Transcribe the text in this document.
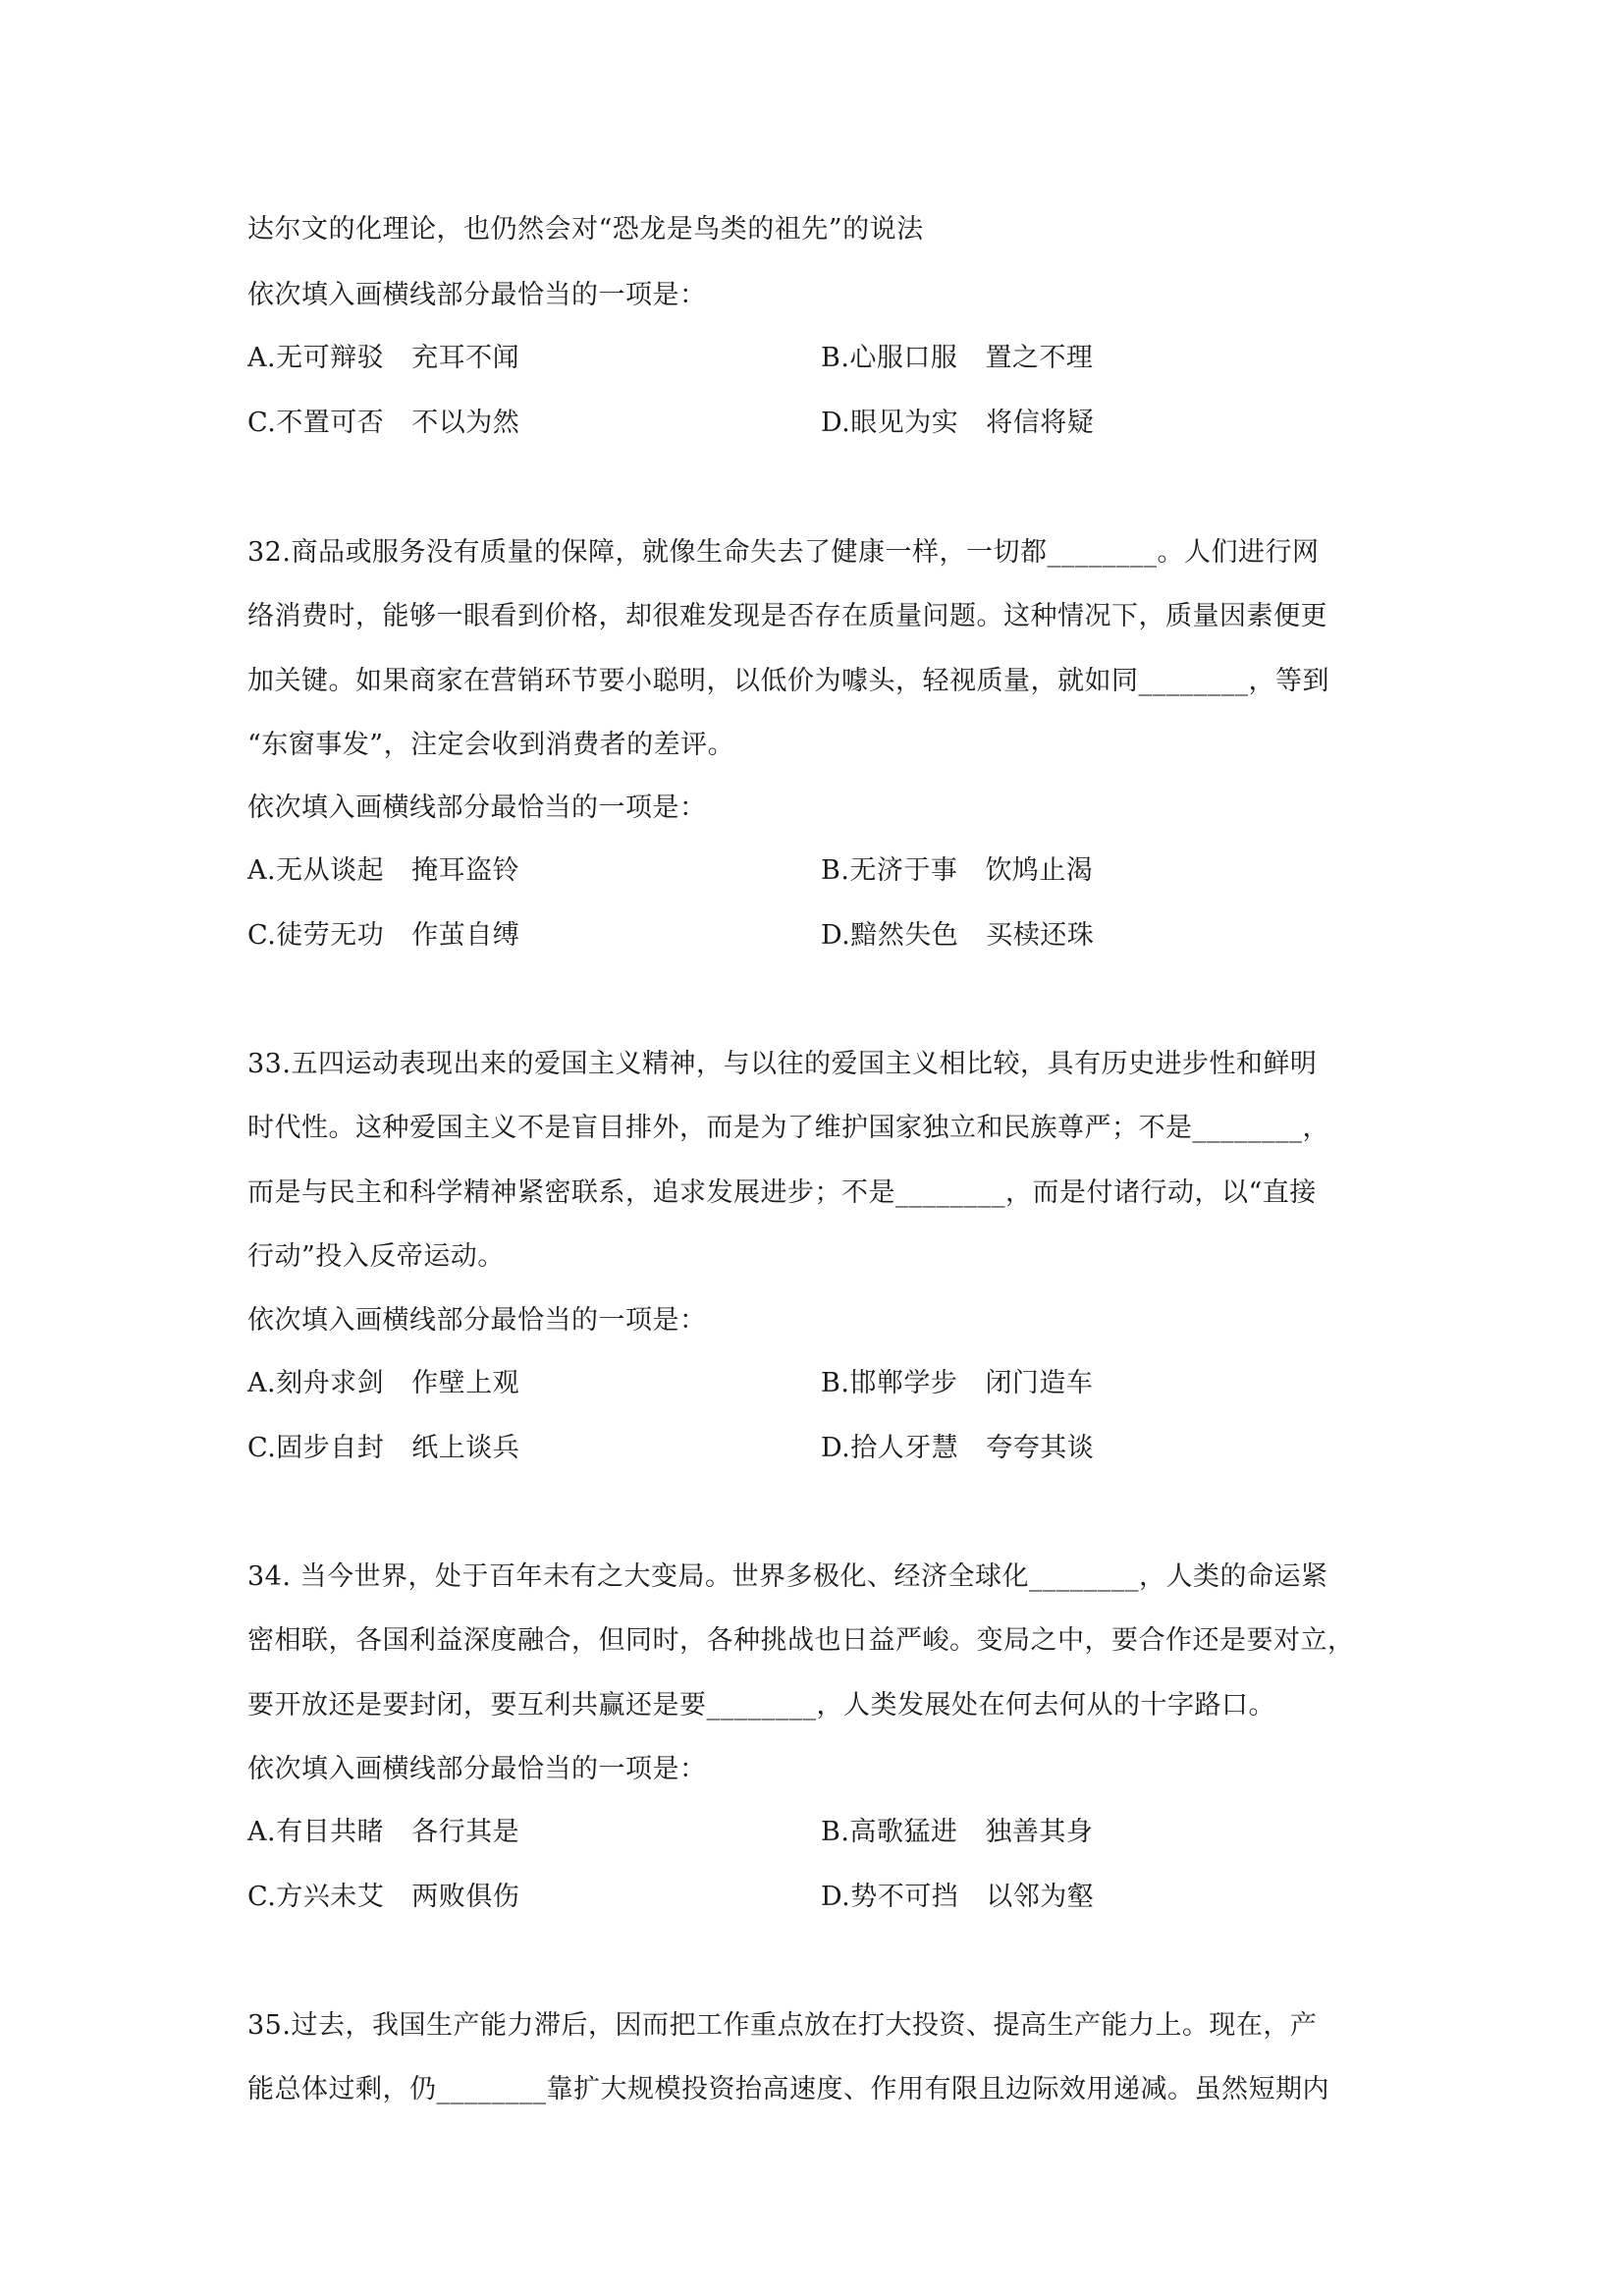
达尔文的化理论，也仍然会对“恐龙是鸟类的祖先”的说法
依次填入画横线部分最恰当的一项是：
A.无可辩驳 充耳不闻	B.心服口服 置之不理
C.不置可否 不以为然	D.眼见为实 将信将疑
32.商品或服务没有质量的保障，就像生命失去了健康一样，一切都________。人们进行网
络消费时，能够一眼看到价格，却很难发现是否存在质量问题。这种情况下，质量因素便更
加关键。如果商家在营销环节要小聪明，以低价为噱头，轻视质量，就如同________，等到
“东窗事发”，注定会收到消费者的差评。
依次填入画横线部分最恰当的一项是：
A.无从谈起 掩耳盗铃	B.无济于事 饮鸠止渴
C.徒劳无功 作茧自缚	D.黯然失色 买椟还珠
33.五四运动表现出来的爱国主义精神，与以往的爱国主义相比较，具有历史进步性和鲜明
时代性。这种爱国主义不是盲目排外，而是为了维护国家独立和民族尊严；不是________，
而是与民主和科学精神紧密联系，追求发展进步；不是________，而是付诸行动，以“直接
行动”投入反帝运动。
依次填入画横线部分最恰当的一项是：
A.刻舟求剑 作壁上观	B.邯郸学步 闭门造车
C.固步自封 纸上谈兵	D.拾人牙慧 夸夸其谈
34. 当今世界，处于百年未有之大变局。世界多极化、经济全球化________，人类的命运紧
密相联，各国利益深度融合，但同时，各种挑战也日益严峻。变局之中，要合作还是要对立，
要开放还是要封闭，要互利共赢还是要________，人类发展处在何去何从的十字路口。
依次填入画横线部分最恰当的一项是：
A.有目共睹 各行其是	B.高歌猛进 独善其身
C.方兴未艾 两败俱伤	D.势不可挡 以邻为壑
35.过去，我国生产能力滞后，因而把工作重点放在打大投资、提高生产能力上。现在，产
能总体过剩，仍________靠扩大规模投资抬高速度、作用有限且边际效用递减。虽然短期内
